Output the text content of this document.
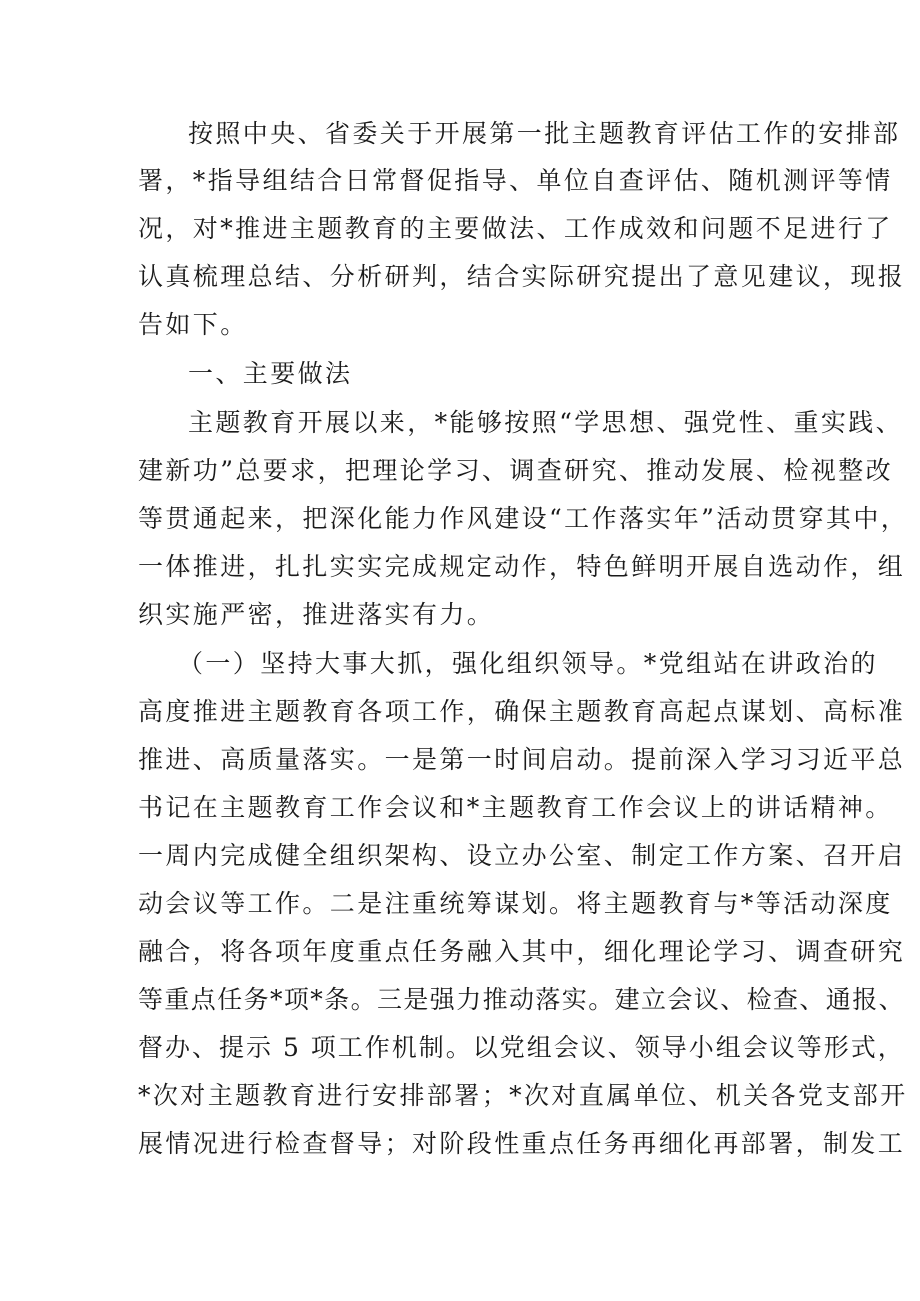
按照中央、省委关于开展第一批主题教育评估工作的安排部
署，*指导组结合日常督促指导、单位自查评估、随机测评等情
况，对*推进主题教育的主要做法、工作成效和问题不足进行了
认真梳理总结、分析研判，结合实际研究提出了意见建议，现报
告如下。
一、主要做法
主题教育开展以来，*能够按照“学思想、强党性、重实践、
建新功”总要求，把理论学习、调查研究、推动发展、检视整改
等贯通起来，把深化能力作风建设“工作落实年”活动贯穿其中，
一体推进，扎扎实实完成规定动作，特色鲜明开展自选动作，组
织实施严密，推进落实有力。
（一）坚持大事大抓，强化组织领导。*党组站在讲政治的
高度推进主题教育各项工作，确保主题教育高起点谋划、高标准
推进、高质量落实。一是第一时间启动。提前深入学习习近平总
书记在主题教育工作会议和*主题教育工作会议上的讲话精神。
一周内完成健全组织架构、设立办公室、制定工作方案、召开启
动会议等工作。二是注重统筹谋划。将主题教育与*等活动深度
融合，将各项年度重点任务融入其中，细化理论学习、调查研究
等重点任务*项*条。三是强力推动落实。建立会议、检查、通报、
督办、提示 5 项工作机制。以党组会议、领导小组会议等形式，
*次对主题教育进行安排部署；*次对直属单位、机关各党支部开
展情况进行检查督导；对阶段性重点任务再细化再部署，制发工
